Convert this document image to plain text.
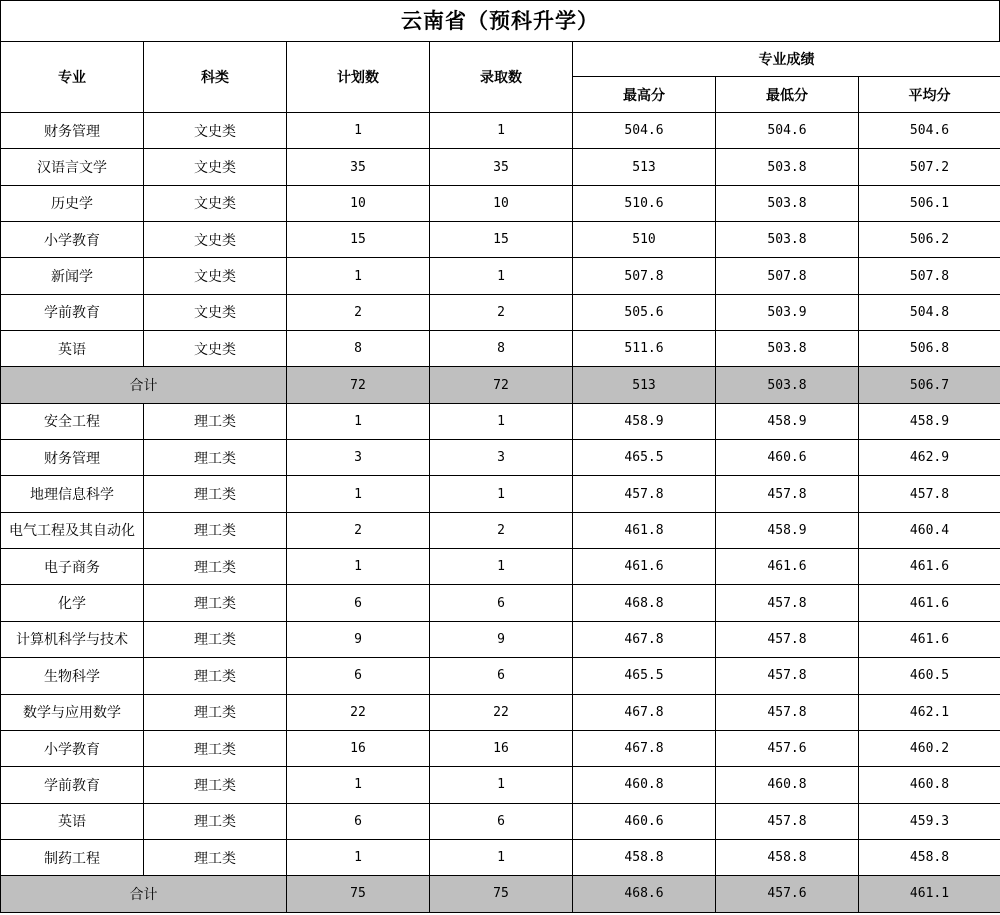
云南省（预科升学）
专业	科类	计划数	录取数	专业成绩		
				最高分	最低分	平均分
财务管理	文史类	1	1	504.6	504.6	504.6
汉语言文学	文史类	35	35	513	503.8	507.2
历史学	文史类	10	10	510.6	503.8	506.1
小学教育	文史类	15	15	510	503.8	506.2
新闻学	文史类	1	1	507.8	507.8	507.8
学前教育	文史类	2	2	505.6	503.9	504.8
英语	文史类	8	8	511.6	503.8	506.8
合计		72	72	513	503.8	506.7
安全工程	理工类	1	1	458.9	458.9	458.9
财务管理	理工类	3	3	465.5	460.6	462.9
地理信息科学	理工类	1	1	457.8	457.8	457.8
电气工程及其自动化	理工类	2	2	461.8	458.9	460.4
电子商务	理工类	1	1	461.6	461.6	461.6
化学	理工类	6	6	468.8	457.8	461.6
计算机科学与技术	理工类	9	9	467.8	457.8	461.6
生物科学	理工类	6	6	465.5	457.8	460.5
数学与应用数学	理工类	22	22	467.8	457.8	462.1
小学教育	理工类	16	16	467.8	457.6	460.2
学前教育	理工类	1	1	460.8	460.8	460.8
英语	理工类	6	6	460.6	457.8	459.3
制药工程	理工类	1	1	458.8	458.8	458.8
合计		75	75	468.6	457.6	461.1
